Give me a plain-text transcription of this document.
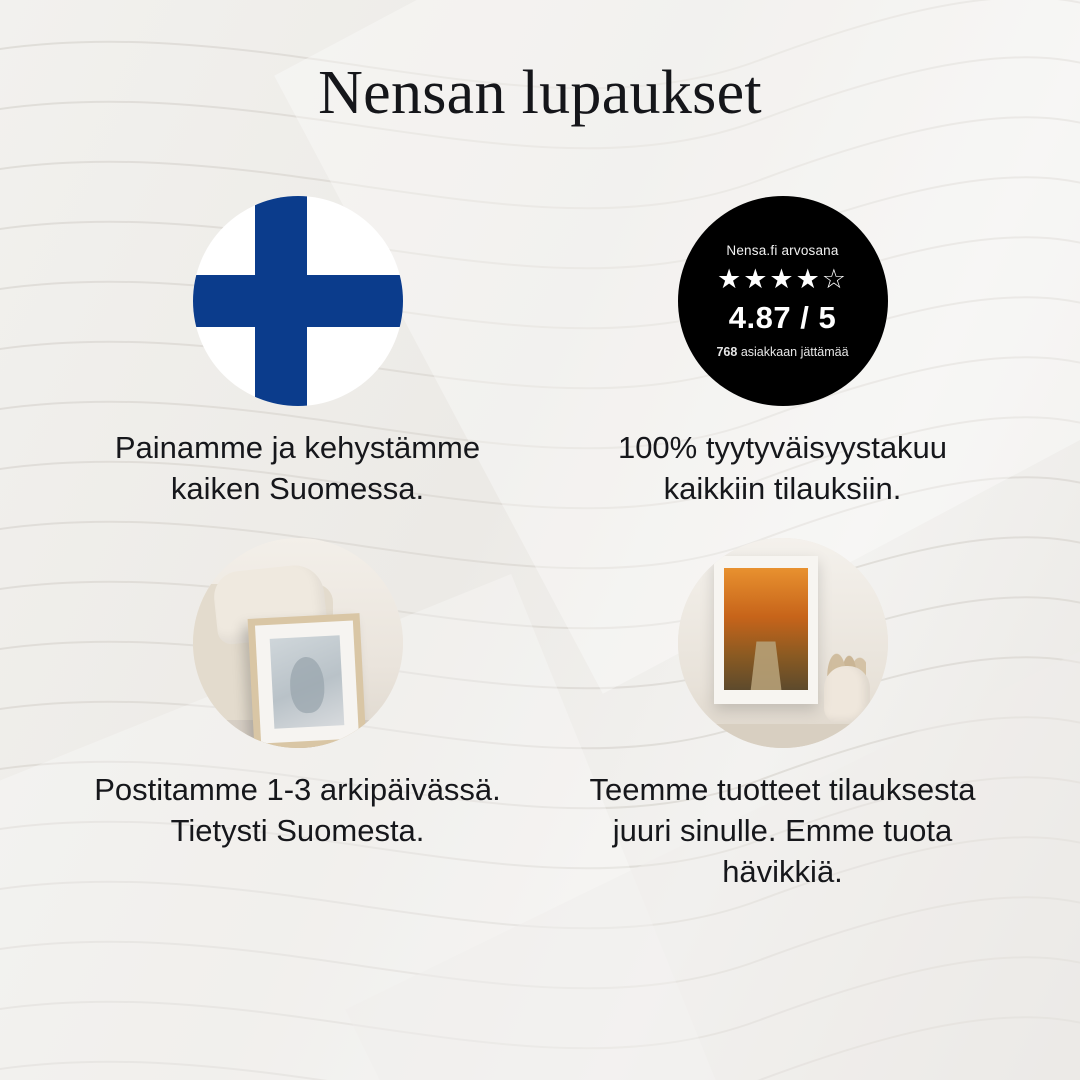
Nensan lupaukset
Painamme ja kehystämme kaiken Suomessa.
Nensa.fi arvosana
★★★★☆
4.87 / 5
768 asiakkaan jättämää
100% tyytyväisyystakuu kaikkiin tilauksiin.
Postitamme 1-3 arkipäivässä. Tietysti Suomesta.
Teemme tuotteet tilauksesta juuri sinulle. Emme tuota hävikkiä.
